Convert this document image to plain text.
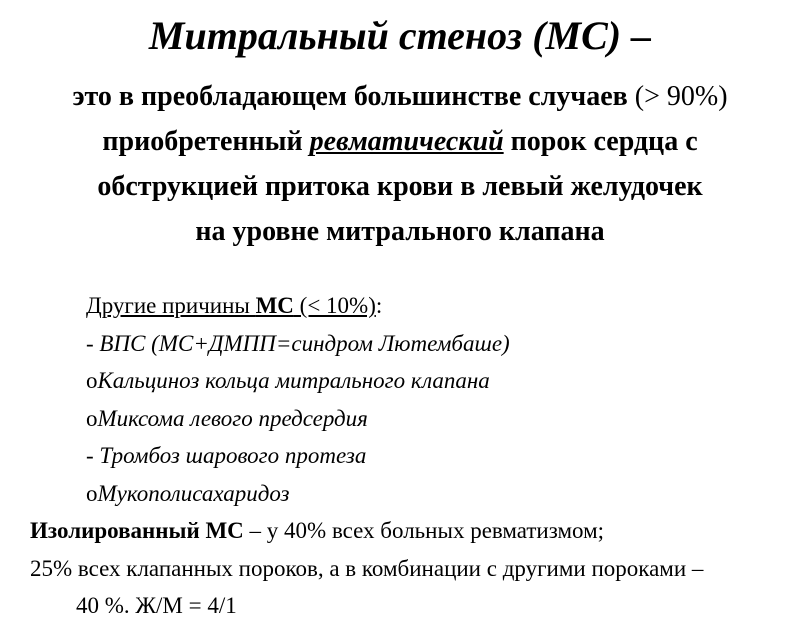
Митральный стеноз (МС) –
это в преобладающем большинстве случаев (> 90%)
приобретенный ревматический порок сердца с
обструкцией притока крови в левый желудочек
на уровне митрального клапана
Другие причины МС (< 10%):
- ВПС (МС+ДМПП=синдром Лютембаше)
oКальциноз кольца митрального клапана
oМиксома левого предсердия
- Тромбоз шарового протеза
oМукополисахаридоз
Изолированный МС – у 40% всех больных ревматизмом;
25% всех клапанных пороков, а в комбинации с другими пороками –
40 %. Ж/М = 4/1
